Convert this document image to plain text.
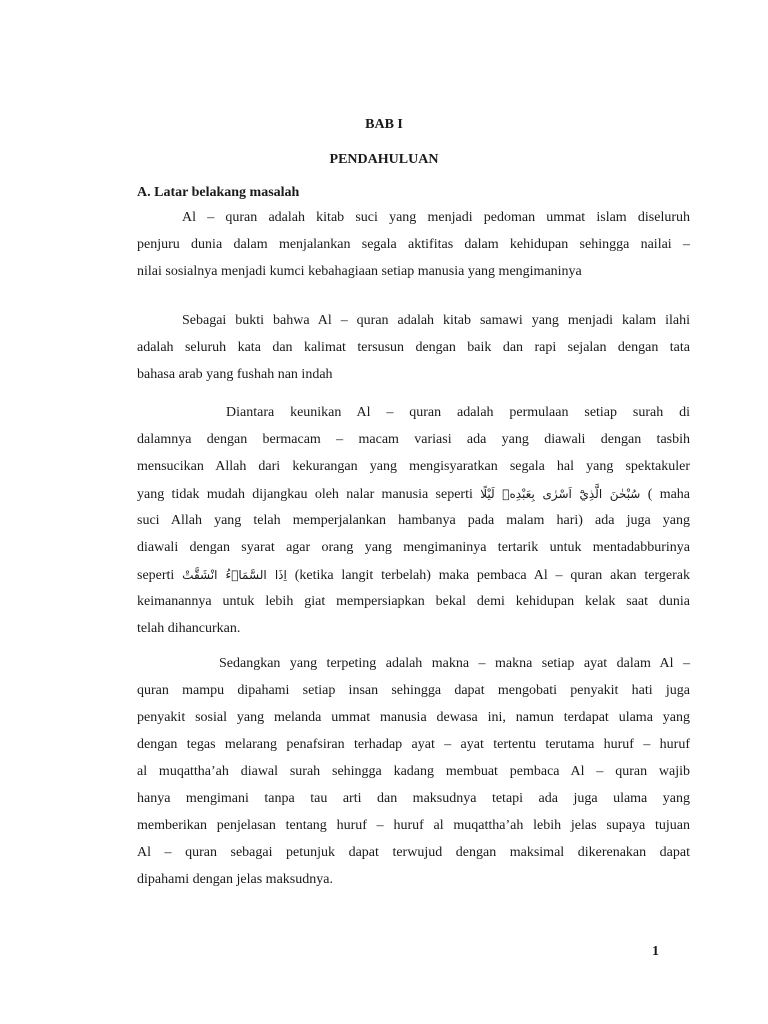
BAB I
PENDAHULUAN
A. Latar belakang masalah
Al – quran adalah kitab suci yang menjadi pedoman ummat islam diseluruh
penjuru dunia dalam menjalankan segala aktifitas dalam kehidupan sehingga nailai –
nilai sosialnya menjadi kumci kebahagiaan setiap manusia yang mengimaninya
Sebagai bukti bahwa Al – quran adalah kitab samawi yang menjadi kalam ilahi
adalah seluruh kata dan kalimat tersusun dengan baik dan rapi sejalan dengan tata
bahasa arab yang fushah nan indah
Diantara keunikan Al – quran adalah permulaan setiap surah di
dalamnya dengan bermacam – macam variasi ada yang diawali dengan tasbih
mensucikan Allah dari kekurangan yang mengisyaratkan segala hal yang spektakuler
yang tidak mudah dijangkau oleh nalar manusia seperti سُبْحٰنَ الَّذِيْٓ اَسْرٰى بِعَبْدِهٖ لَيْلًا ( maha
suci Allah yang telah memperjalankan hambanya pada malam hari) ada juga yang
diawali dengan syarat agar orang yang mengimaninya tertarik untuk mentadabburinya
seperti اِذَا السَّمَاۤءُ انْشَقَّتْ (ketika langit terbelah) maka pembaca Al – quran akan tergerak
keimanannya untuk lebih giat mempersiapkan bekal demi kehidupan kelak saat dunia
telah dihancurkan.
Sedangkan yang terpeting adalah makna – makna setiap ayat dalam Al –
quran mampu dipahami setiap insan sehingga dapat mengobati penyakit hati juga
penyakit sosial yang melanda ummat manusia dewasa ini, namun terdapat ulama yang
dengan tegas melarang penafsiran terhadap ayat – ayat tertentu terutama huruf – huruf
al muqattha’ah diawal surah sehingga kadang membuat pembaca Al – quran wajib
hanya mengimani tanpa tau arti dan maksudnya tetapi ada juga ulama yang
memberikan penjelasan tentang huruf – huruf al muqattha’ah lebih jelas supaya tujuan
Al – quran sebagai petunjuk dapat terwujud dengan maksimal dikerenakan dapat
dipahami dengan jelas maksudnya.
1
